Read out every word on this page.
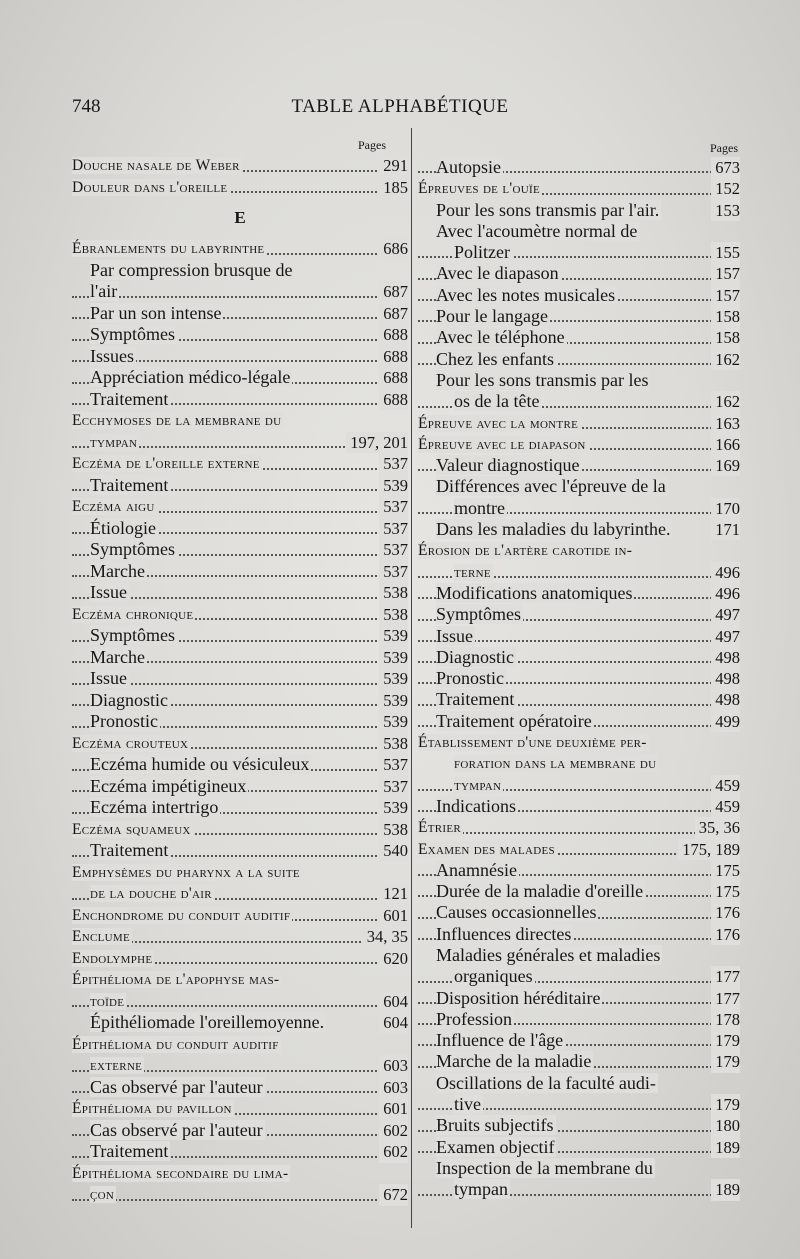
748	TABLE ALPHABÉTIQUE
Pages
Douche nasale de Weber	291
Douleur dans l'oreille	185
E
Ébranlements du labyrinthe	686
Par compression brusque de
l'air	687
Par un son intense	687
Symptômes	688
Issues	688
Appréciation médico-légale	688
Traitement	688
Ecchymoses de la membrane du
tympan	197, 201
Eczéma de l'oreille externe	537
Traitement	539
Eczéma aigu	537
Étiologie	537
Symptômes	537
Marche	537
Issue	538
Eczéma chronique	538
Symptômes	539
Marche	539
Issue	539
Diagnostic	539
Pronostic	539
Eczéma crouteux	538
Eczéma humide ou vésiculeux	537
Eczéma impétigineux	537
Eczéma intertrigo	539
Eczéma squameux	538
Traitement	540
Emphysèmes du pharynx a la suite
de la douche d'air	121
Enchondrome du conduit auditif	601
Enclume	34, 35
Endolymphe	620
Épithélioma de l'apophyse mas-
toïde	604
Épithéliomade l'oreillemoyenne.	604
Épithélioma du conduit auditif
externe	603
Cas observé par l'auteur	603
Épithélioma du pavillon	601
Cas observé par l'auteur	602
Traitement	602
Épithélioma secondaire du lima-
çon	672
Pages
Autopsie	673
Épreuves de l'ouïe	152
Pour les sons transmis par l'air.	153
Avec l'acoumètre normal de
Politzer	155
Avec le diapason	157
Avec les notes musicales	157
Pour le langage	158
Avec le téléphone	158
Chez les enfants	162
Pour les sons transmis par les
os de la tête	162
Épreuve avec la montre	163
Épreuve avec le diapason	166
Valeur diagnostique	169
Différences avec l'épreuve de la
montre	170
Dans les maladies du labyrinthe.	171
Érosion de l'artère carotide in-
terne	496
Modifications anatomiques	496
Symptômes	497
Issue	497
Diagnostic	498
Pronostic	498
Traitement	498
Traitement opératoire	499
Établissement d'une deuxième per-
foration dans la membrane du
tympan	459
Indications	459
Étrier	35, 36
Examen des malades	175, 189
Anamnésie	175
Durée de la maladie d'oreille	175
Causes occasionnelles	176
Influences directes	176
Maladies générales et maladies
organiques	177
Disposition héréditaire	177
Profession	178
Influence de l'âge	179
Marche de la maladie	179
Oscillations de la faculté audi-
tive	179
Bruits subjectifs	180
Examen objectif	189
Inspection de la membrane du
tympan	189
